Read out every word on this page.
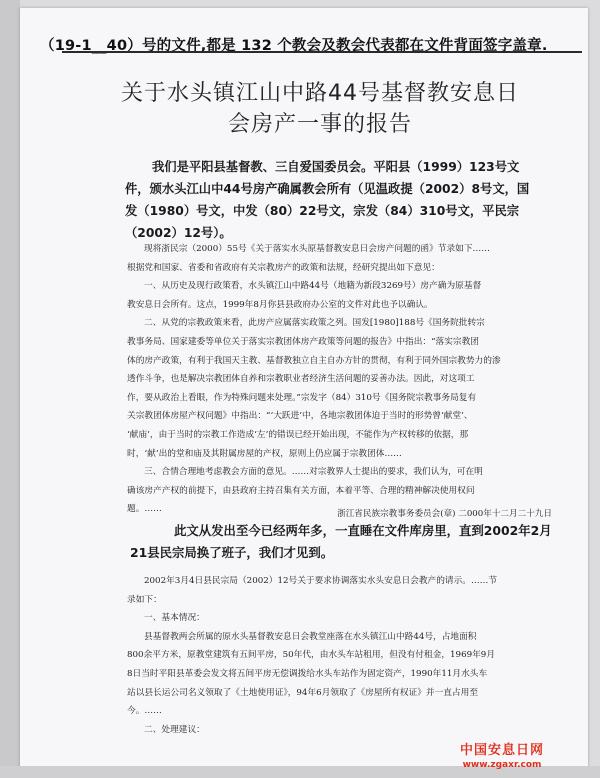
（19-1__40）号的文件,都是 132 个教会及教会代表都在文件背面签字盖章.
关于水头镇江山中路44号基督教安息日
会房产一事的报告
我们是平阳县基督教、三自爱国委员会。平阳县（1999）123号文
件，颁水头江山中44号房产确属教会所有（见温政提（2002）8号文，国
发（1980）号文，中发（80）22号文，宗发（84）310号文，平民宗
（2002）12号）。

现将浙民宗（2000）55号《关于落实水头原基督教安息日会房产问题的函》节录如下……

根据党和国家、省委和省政府有关宗教房产的政策和法规，经研究提出如下意见：

一、从历史及现行政策看，水头镇江山中路44号（地籍为新段3269号）房产确为原基督

教安息日会所有。这点，1999年8月你县县政府办公室的文件对此也予以确认。

二、从党的宗教政策来看，此房产应属落实政策之列。国发[1980]188号《国务院批转宗

教事务局、国家建委等单位关于落实宗教团体房产政策等问题的报告》中指出：“落实宗教团

体的房产政策，有利于我国天主教、基督教独立自主自办方针的贯彻，有利于同外国宗教势力的渗

透作斗争，也是解决宗教团体自养和宗教职业者经济生活问题的妥善办法。因此，对这项工

作，要从政治上看眼，作为特殊问题来处理。”宗发字（84）310号《国务院宗教事务局复有

关宗教团体房屋产权问题》中指出：“‘大跃进’中，各地宗教团体迫于当时的形势曾‘献堂’、

‘献庙’，由于当时的宗教工作造成‘左’的错误已经开始出现，不能作为产权转移的依据，那

时，‘献’出的堂和庙及其附属房屋的产权，原则上仍应属于宗教团体……

三、合情合理地考虑教会方面的意见。……对宗教界人士提出的要求，我们认为，可在明

确该房产产权的前提下，由县政府主持召集有关方面，本着平等、合理的精神解决使用权问

题。……	浙江省民族宗教事务委员会(章) 二000年十二月二十九日
此文从发出至今已经两年多，一直睡在文件库房里，直到2002年2月
21县民宗局换了班子，我们才见到。

2002年3月4日县民宗局（2002）12号关于要求协调落实水头安息日会教产的请示。……节

录如下：

一、基本情况：

县基督教两会所属的原水头基督教安息日会教堂座落在水头镇江山中路44号，占地面积

800余平方米，原教堂建筑有五间平房，50年代，由水头车站租用，但没有付租金，1969年9月

8日当时平阳县革委会发文将五间平房无偿调拨给水头车站作为固定资产，1990年11月水头车

站以县长运公司名义领取了《土地使用证》，94年6月领取了《房屋所有权证》并一直占用至

今。……

二、处理建议：

中国安息日网
www.zgaxr.com
